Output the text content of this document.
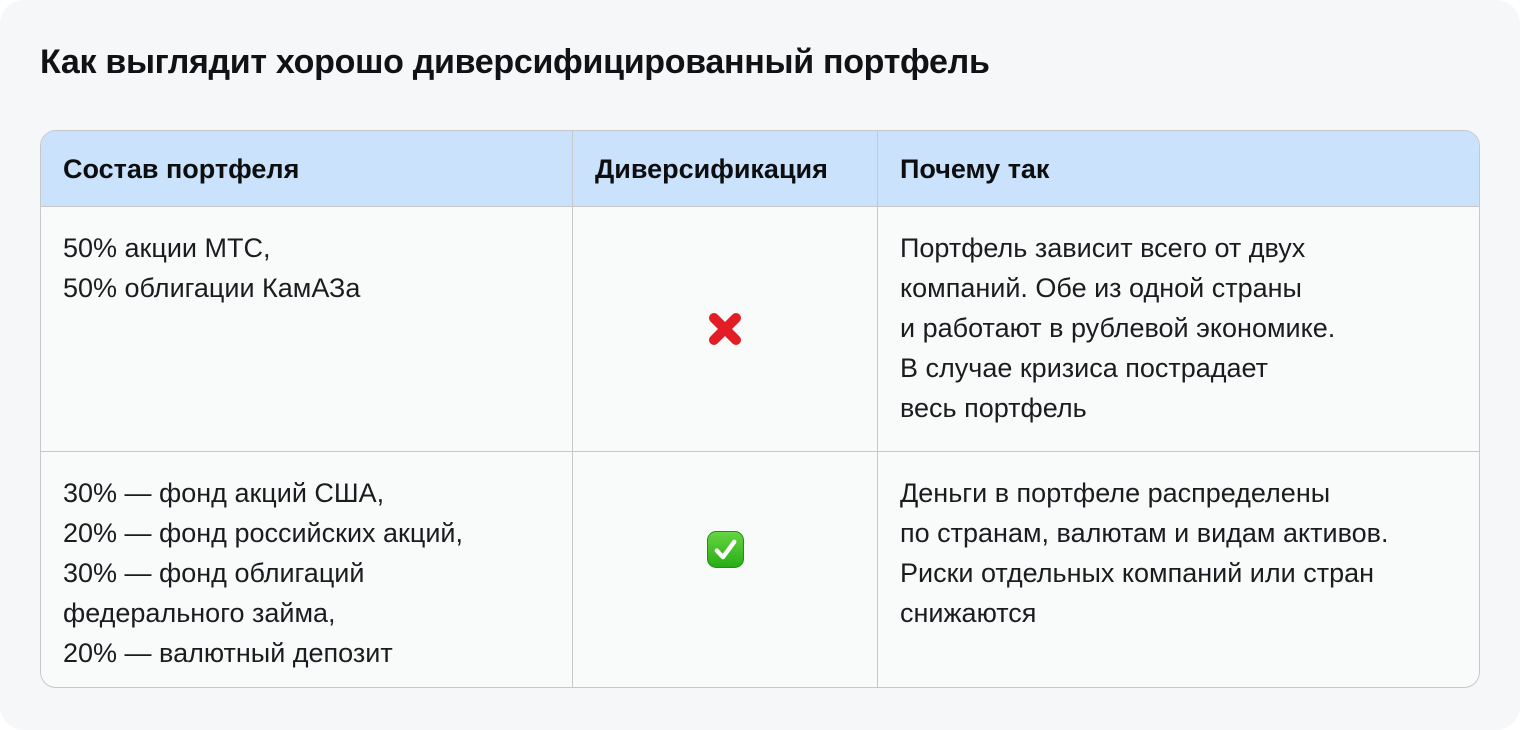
Как выглядит хорошо диверсифицированный портфель
Состав портфеля	Диверсификация	Почему так
50% акции МТС,
50% облигации КамАЗа
Портфель зависит всего от двух
компаний. Обе из одной страны
и работают в рублевой экономике.
В случае кризиса пострадает
весь портфель
30% — фонд акций США,
20% — фонд российских акций,
30% — фонд облигаций
федерального займа,
20% — валютный депозит
Деньги в портфеле распределены
по странам, валютам и видам активов.
Риски отдельных компаний или стран
снижаются
